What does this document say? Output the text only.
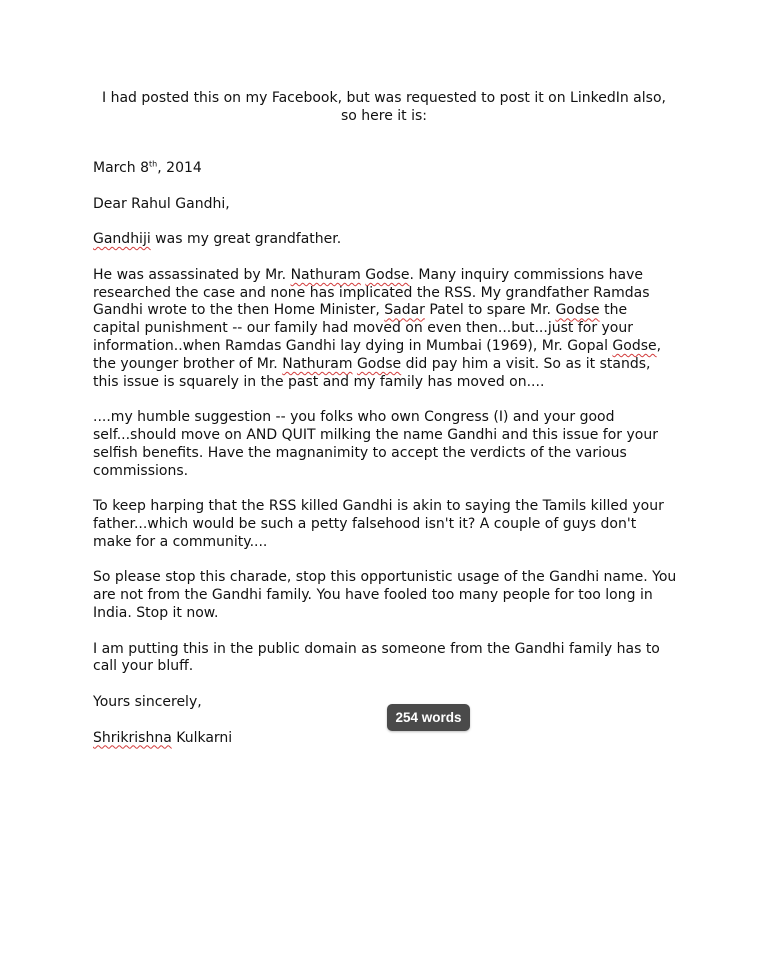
I had posted this on my Facebook, but was requested to post it on LinkedIn also, so here it is:

March 8th, 2014

Dear Rahul Gandhi,

Gandhiji was my great grandfather.

He was assassinated by Mr. Nathuram Godse. Many inquiry commissions have researched the case and none has implicated the RSS. My grandfather Ramdas Gandhi wrote to the then Home Minister, Sadar Patel to spare Mr. Godse the capital punishment -- our family had moved on even then...but...just for your information..when Ramdas Gandhi lay dying in Mumbai (1969), Mr. Gopal Godse, the younger brother of Mr. Nathuram Godse did pay him a visit. So as it stands, this issue is squarely in the past and my family has moved on....

....my humble suggestion -- you folks who own Congress (I) and your good self...should move on AND QUIT milking the name Gandhi and this issue for your selfish benefits. Have the magnanimity to accept the verdicts of the various commissions.

To keep harping that the RSS killed Gandhi is akin to saying the Tamils killed your father...which would be such a petty falsehood isn't it? A couple of guys don't make for a community....

So please stop this charade, stop this opportunistic usage of the Gandhi name. You are not from the Gandhi family. You have fooled too many people for too long in India. Stop it now.

I am putting this in the public domain as someone from the Gandhi family has to call your bluff.

Yours sincerely,

Shrikrishna Kulkarni

254 words
